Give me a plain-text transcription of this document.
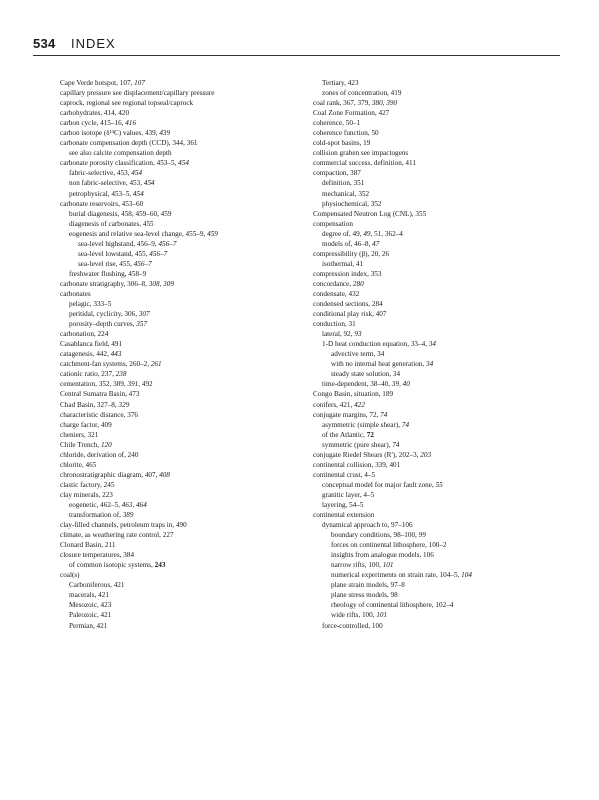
534 INDEX
Cape Verde hotspot, 107, 107
capillary pressure see displacement/capillary pressure
caprock, regional see regional topseal/caprock
carbohydrates, 414, 420
carbon cycle, 415–16, 416
carbon isotope (δ¹³C) values, 439, 439
carbonate compensation depth (CCD), 344, 361
see also calcite compensation depth
carbonate porosity classification, 453–5, 454
fabric-selective, 453, 454
non fabric-selective, 453, 454
petrophysical, 453–5, 454
carbonate reservoirs, 453–60
burial diagenesis, 458, 459–60, 459
diagenesis of carbonates, 455
eogenesis and relative sea-level change, 455–9, 459
sea-level highstand, 456–9, 456–7
sea-level lowstand, 455, 456–7
sea-level rise, 455, 456–7
freshwater flushing, 458–9
carbonate stratigraphy, 306–8, 308, 309
carbonates
pelagic, 333–5
peritidal, cyclicity, 306, 307
porosity–depth curves, 357
carbonation, 224
Casablanca field, 491
catagenesis, 442, 443
catchment-fan systems, 260–2, 261
cationic ratio, 237, 238
cementation, 352, 389, 391, 492
Central Sumatra Basin, 473
Chad Basin, 327–8, 329
characteristic distance, 376
charge factor, 409
cheniers, 321
Chile Trench, 120
chloride, derivation of, 240
chlorite, 465
chronostratigraphic diagram, 407, 408
clastic factory, 245
clay minerals, 223
eogenetic, 462–5, 463, 464
transformation of, 389
clay-filled channels, petroleum traps in, 490
climate, as weathering rate control, 227
Clonard Basin, 211
closure temperatures, 384
of common isotopic systems, 243
coal(s)
Carboniferous, 421
macerals, 421
Mesozoic, 423
Paleozoic, 421
Permian, 421
Tertiary, 423
zones of concentration, 419
coal rank, 367, 379, 380, 390
Coal Zone Formation, 427
coherence, 50–1
coherence function, 50
cold-spot basins, 19
collision graben see impactogens
commercial success, definition, 411
compaction, 387
definition, 351
mechanical, 352
physiochemical, 352
Compensated Neutron Log (CNL), 355
compensation
degree of, 49, 49, 51, 362–4
models of, 46–8, 47
compressibility (β), 20, 26
isothermal, 41
compression index, 353
concordance, 280
condensate, 432
condensed sections, 284
conditional play risk, 407
conduction, 31
lateral, 92, 93
1-D heat conduction equation, 33–4, 34
advective term, 34
with no internal heat generation, 34
steady state solution, 34
time-dependent, 38–40, 39, 40
Congo Basin, situation, 189
conifers, 421, 422
conjugate margins, 72, 74
asymmetric (simple shear), 74
of the Atlantic, 72
symmetric (pure shear), 74
conjugate Riedel Shears (R'), 202–3, 203
continental collision, 339, 401
continental crust, 4–5
conceptual model for major fault zone, 55
granitic layer, 4–5
layering, 54–5
continental extension
dynamical approach to, 97–106
boundary conditions, 98–100, 99
forces on continental lithosphere, 100–2
insights from analogue models, 106
narrow rifts, 100, 101
numerical experiments on strain rate, 104–5, 104
plane strain models, 97–8
plane stress models, 98
rheology of continental lithosphere, 102–4
wide rifts, 100, 101
force-controlled, 100
